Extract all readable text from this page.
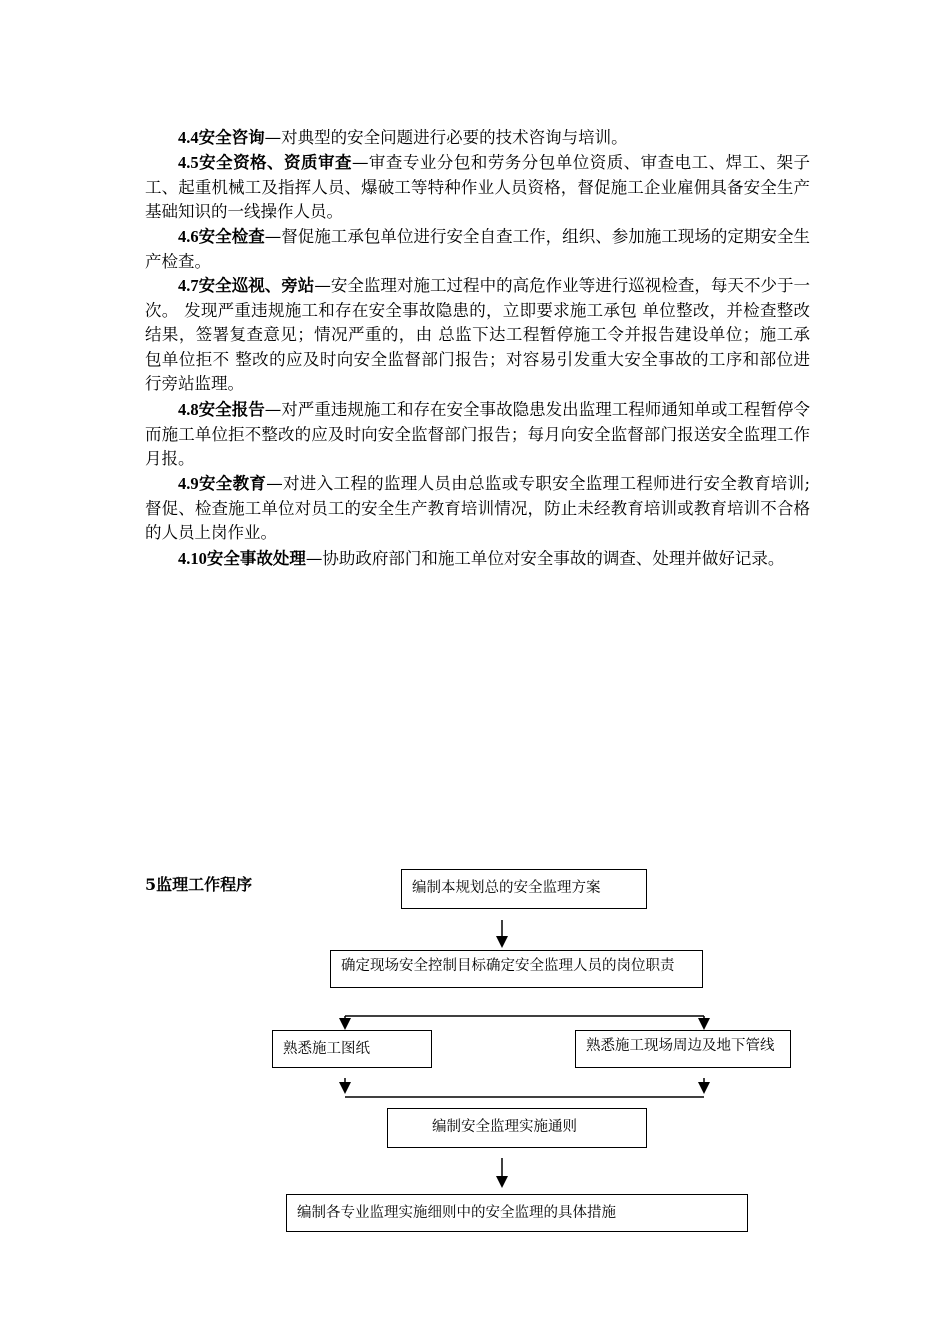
4.4安全咨询—对典型的安全问题进行必要的技术咨询与培训。
4.5安全资格、资质审查—审查专业分包和劳务分包单位资质、审查电工、焊工、架子工、起重机械工及指挥人员、爆破工等特种作业人员资格，督促施工企业雇佣具备安全生产基础知识的一线操作人员。
4.6安全检查—督促施工承包单位进行安全自查工作，组织、参加施工现场的定期安全生产检查。
4.7安全巡视、旁站—安全监理对施工过程中的高危作业等进行巡视检查，每天不少于一次。 发现严重违规施工和存在安全事故隐患的，立即要求施工承包 单位整改，并检查整改结果，签署复查意见；情况严重的，由 总监下达工程暂停施工令并报告建设单位；施工承包单位拒不 整改的应及时向安全监督部门报告；对容易引发重大安全事故的工序和部位进行旁站监理。
4.8安全报告—对严重违规施工和存在安全事故隐患发出监理工程师通知单或工程暂停令而施工单位拒不整改的应及时向安全监督部门报告；每月向安全监督部门报送安全监理工作月报。
4.9安全教育—对进入工程的监理人员由总监或专职安全监理工程师进行安全教育培训;督促、检查施工单位对员工的安全生产教育培训情况，防止未经教育培训或教育培训不合格的人员上岗作业。
4.10安全事故处理—协助政府部门和施工单位对安全事故的调查、处理并做好记录。
5监理工作程序	编制本规划总的安全监理方案
确定现场安全控制目标确定安全监理人员的岗位职责
熟悉施工图纸	熟悉施工现场周边及地下管线
编制安全监理实施通则
编制各专业监理实施细则中的安全监理的具体措施
